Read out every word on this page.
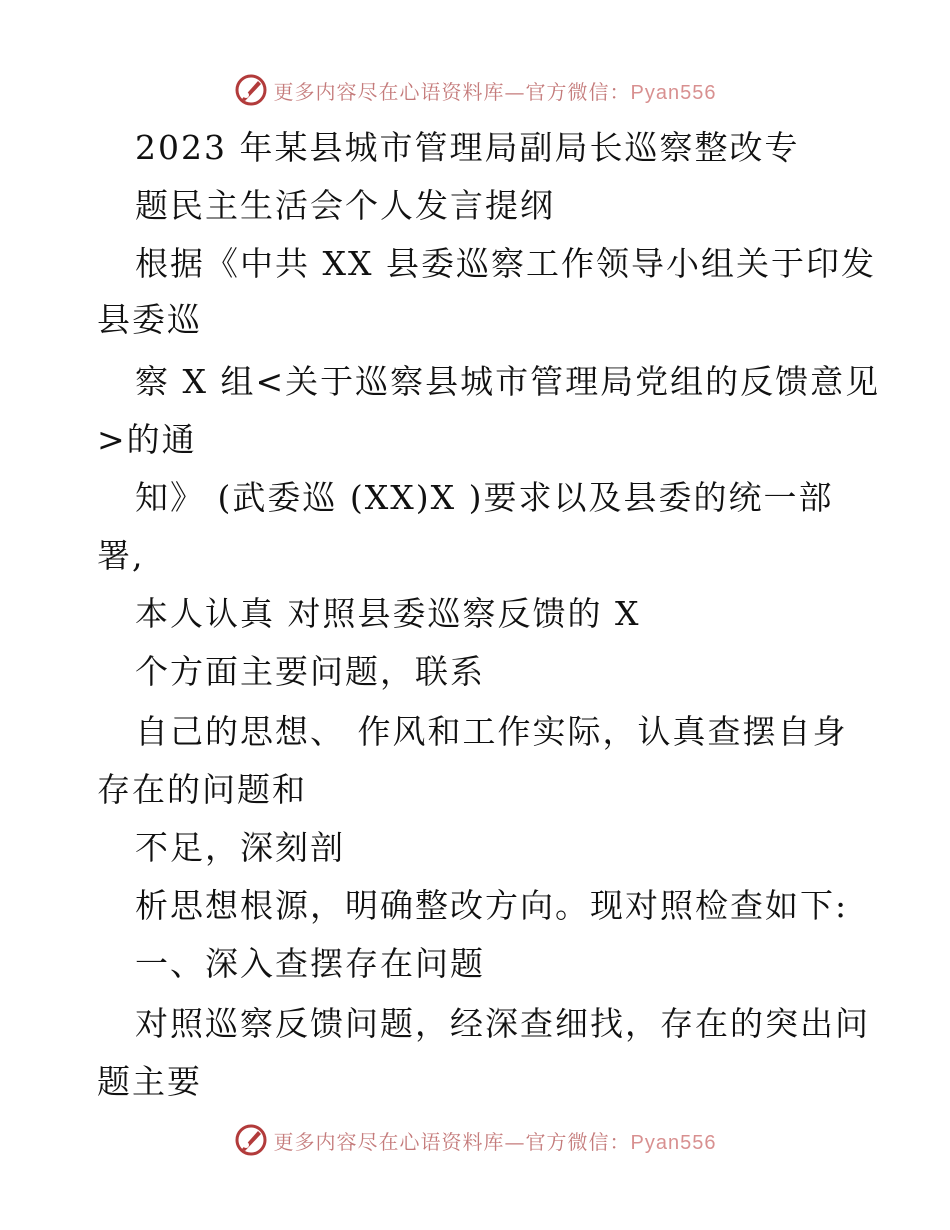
更多内容尽在心语资料库—官方微信：Pyan556
2023 年某县城市管理局副局长巡察整改专
题民主生活会个人发言提纲
根据《中共 XX 县委巡察工作领导小组关于印发
县委巡
察 X 组<关于巡察县城市管理局党组的反馈意见
>的通
知》 (武委巡 (XX)X )要求以及县委的统一部
署,
本人认真 对照县委巡察反馈的 X
个方面主要问题，联系
自己的思想、 作风和工作实际，认真查摆自身
存在的问题和
不足，深刻剖
析思想根源，明确整改方向。现对照检查如下:
一、深入查摆存在问题
对照巡察反馈问题，经深查细找，存在的突出问
题主要
更多内容尽在心语资料库—官方微信：Pyan556
